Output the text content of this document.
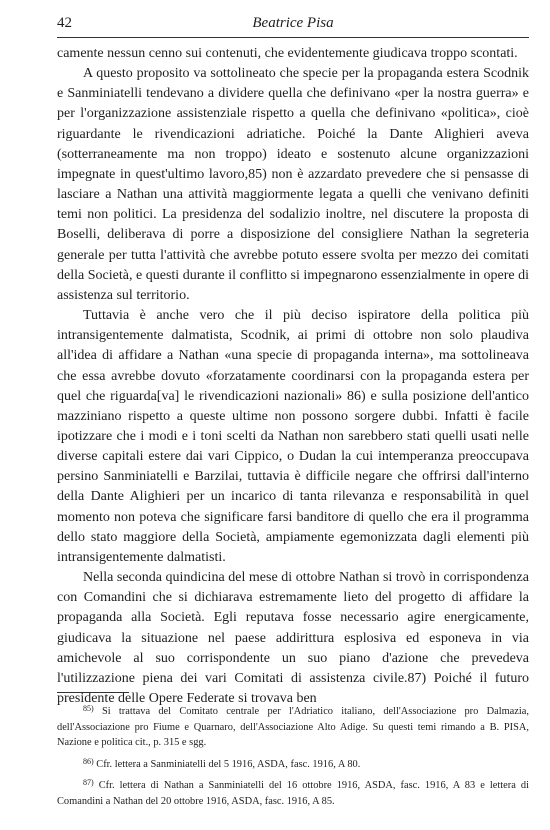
42	Beatrice Pisa

camente nessun cenno sui contenuti, che evidentemente giudicava troppo scontati.

A questo proposito va sottolineato che specie per la propaganda estera Scodnik e Sanminiatelli tendevano a dividere quella che definivano «per la nostra guerra» e per l'organizzazione assistenziale rispetto a quella che definivano «politica», cioè riguardante le rivendicazioni adriatiche. Poiché la Dante Alighieri aveva (sotterraneamente ma non troppo) ideato e sostenuto alcune organizzazioni impegnate in quest'ultimo lavoro,85) non è azzardato prevedere che si pensasse di lasciare a Nathan una attività maggiormente legata a quelli che venivano definiti temi non politici. La presidenza del sodalizio inoltre, nel discutere la proposta di Boselli, deliberava di porre a disposizione del consigliere Nathan la segreteria generale per tutta l'attività che avrebbe potuto essere svolta per mezzo dei comitati della Società, e questi durante il conflitto si impegnarono essenzialmente in opere di assistenza sul territorio.

Tuttavia è anche vero che il più deciso ispiratore della politica più intransigentemente dalmatista, Scodnik, ai primi di ottobre non solo plaudiva all'idea di affidare a Nathan «una specie di propaganda interna», ma sottolineava che essa avrebbe dovuto «forzatamente coordinarsi con la propaganda estera per quel che riguarda[va] le rivendicazioni nazionali» 86) e sulla posizione dell'antico mazziniano rispetto a queste ultime non possono sorgere dubbi. Infatti è facile ipotizzare che i modi e i toni scelti da Nathan non sarebbero stati quelli usati nelle diverse capitali estere dai vari Cippico, o Dudan la cui intemperanza preoccupava persino Sanminiatelli e Barzilai, tuttavia è difficile negare che offrirsi dall'interno della Dante Alighieri per un incarico di tanta rilevanza e responsabilità in quel momento non poteva che significare farsi banditore di quello che era il programma dello stato maggiore della Società, ampiamente egemonizzata dagli elementi più intransigentemente dalmatisti.

Nella seconda quindicina del mese di ottobre Nathan si trovò in corrispondenza con Comandini che si dichiarava estremamente lieto del progetto di affidare la propaganda alla Società. Egli reputava fosse necessario agire energicamente, giudicava la situazione nel paese addirittura esplosiva ed esponeva in via amichevole al suo corrispondente un suo piano d'azione che prevedeva l'utilizzazione piena dei vari Comitati di assistenza civile.87) Poiché il futuro presidente delle Opere Federate si trovava ben

$^{85)}$ Si trattava del Comitato centrale per l'Adriatico italiano, dell'Associazione pro Dalmazia, dell'Associazione pro Fiume e Quarnaro, dell'Associazione Alto Adige. Su questi temi rimando a B. PISA, Nazione e politica cit., p. 315 e sgg.

$^{86)}$ Cfr. lettera a Sanminiatelli del 5 1916, ASDA, fasc. 1916, A 80.

$^{87)}$ Cfr. lettera di Nathan a Sanminiatelli del 16 ottobre 1916, ASDA, fasc. 1916, A 83 e lettera di Comandini a Nathan del 20 ottobre 1916, ASDA, fasc. 1916, A 85.
